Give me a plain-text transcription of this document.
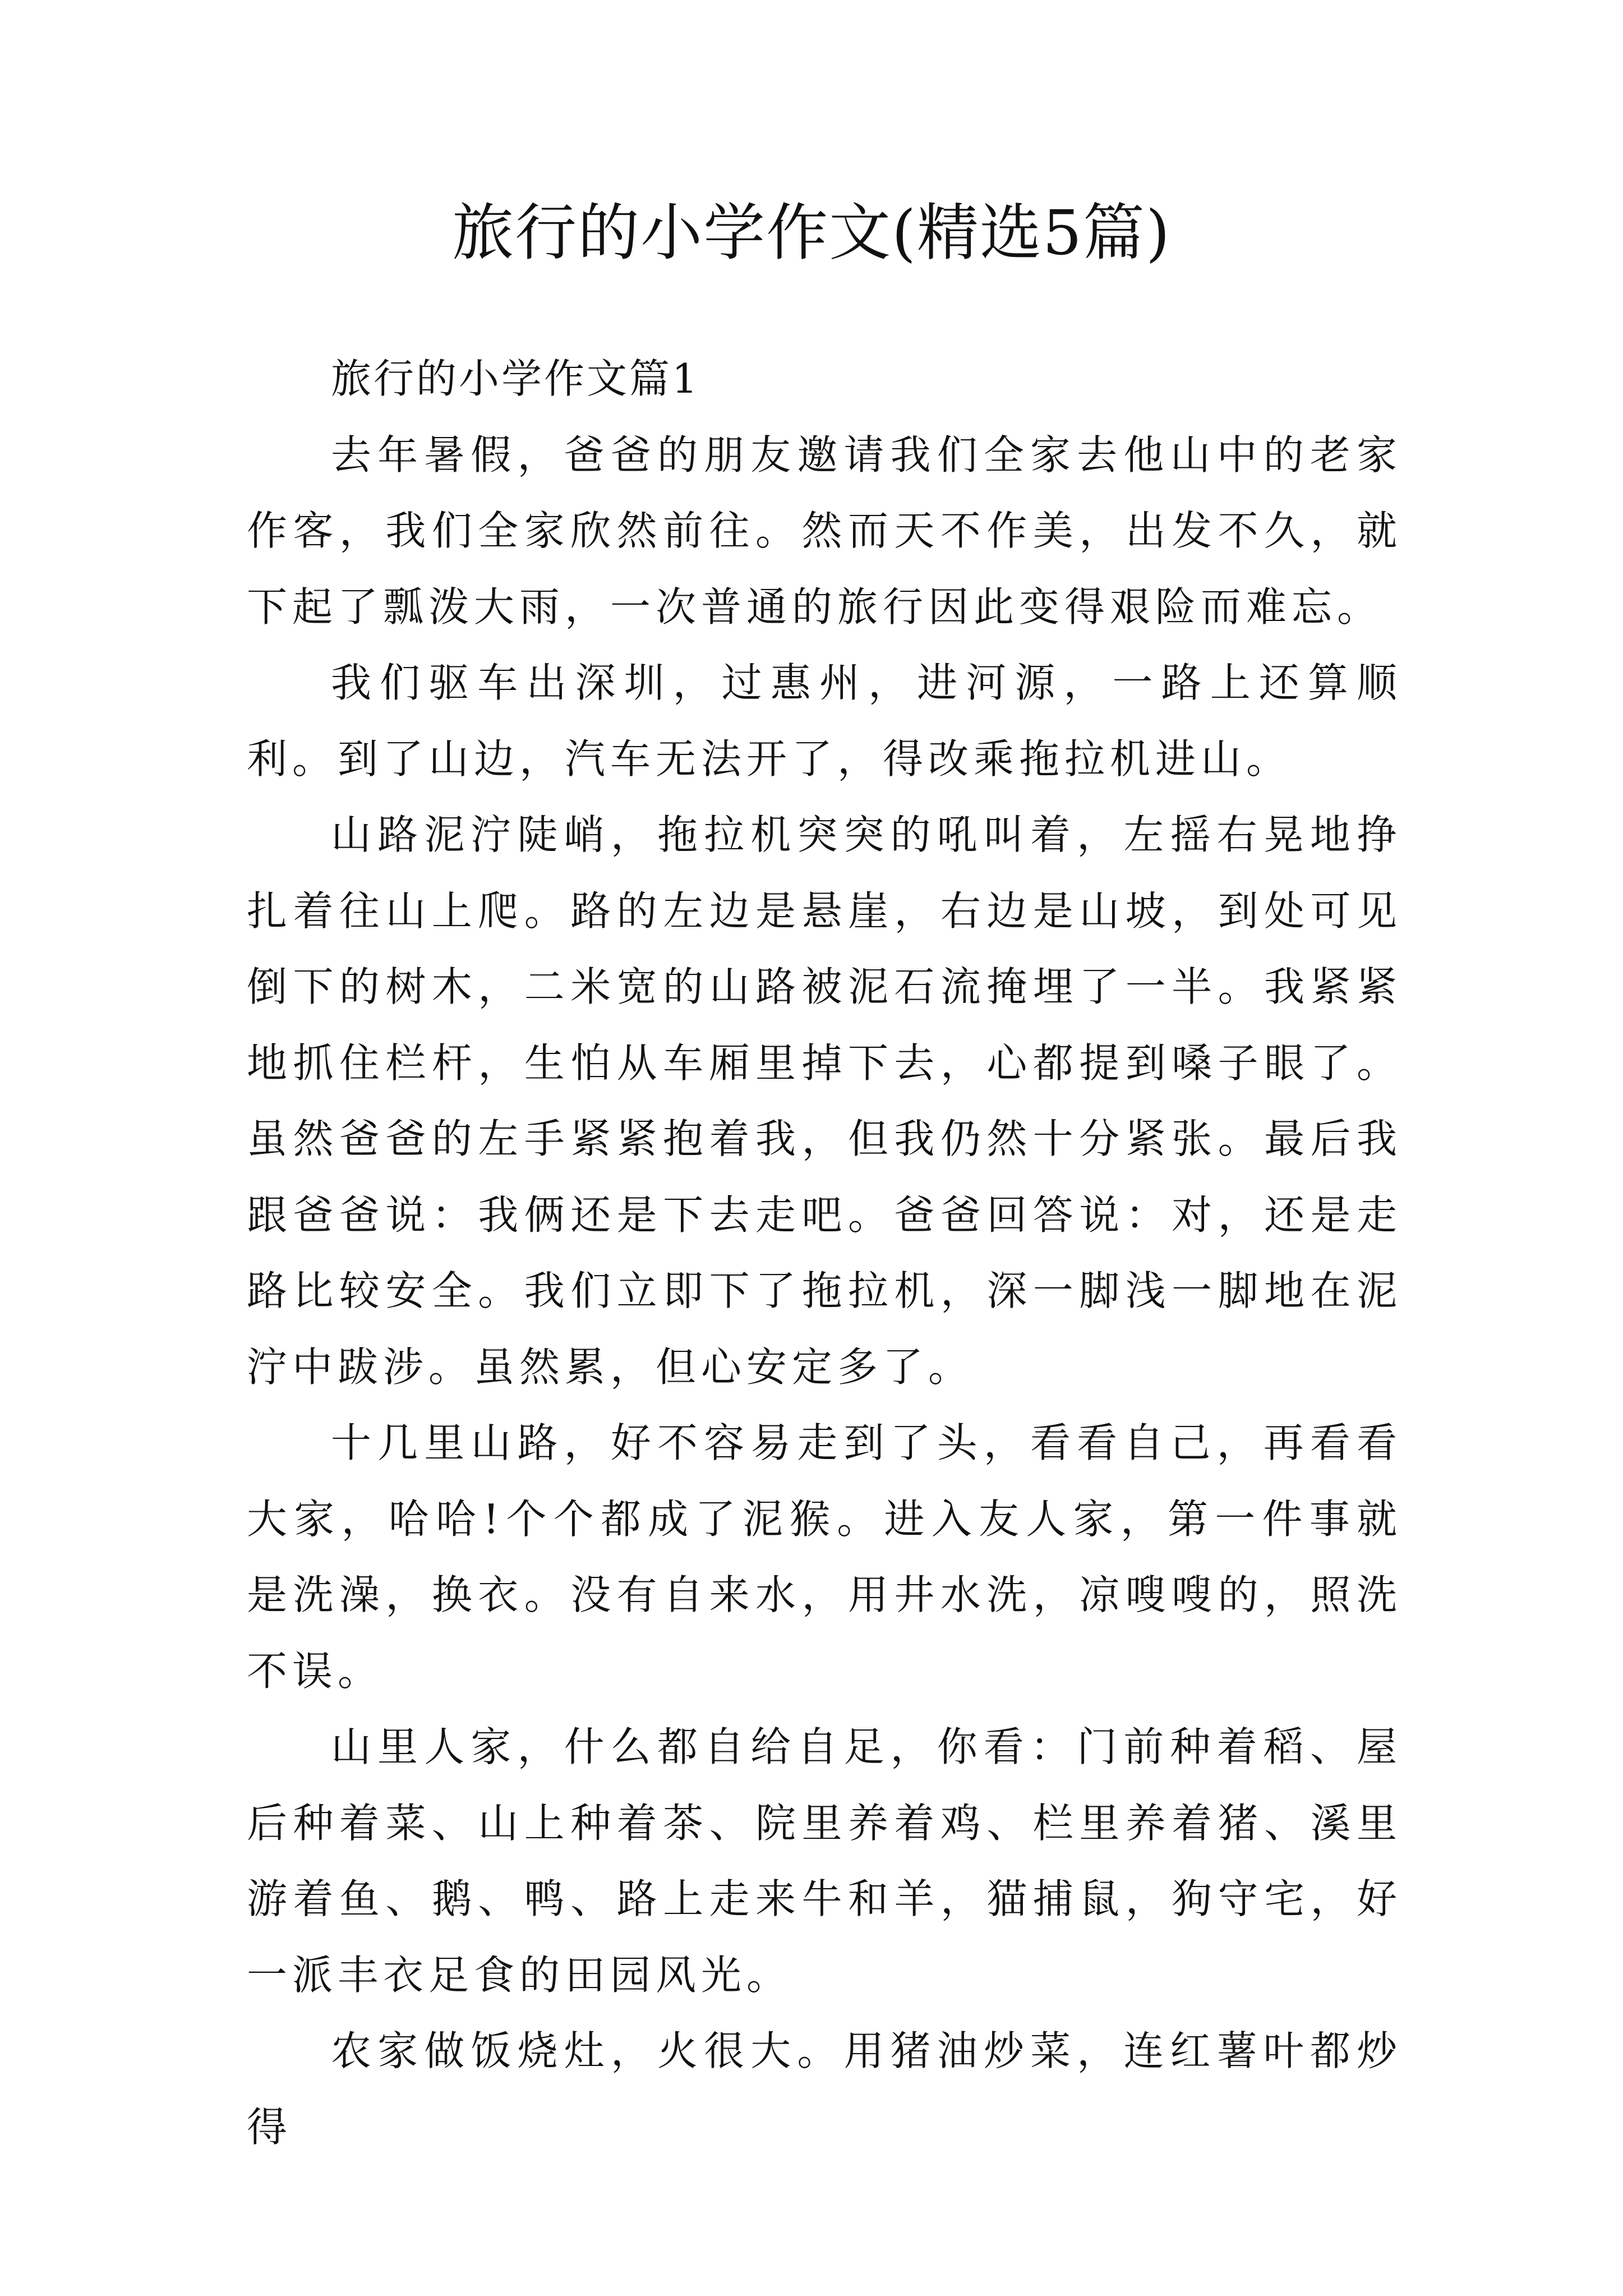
旅行的小学作文(精选5篇)

旅行的小学作文篇1

去年暑假，爸爸的朋友邀请我们全家去他山中的老家作客，我们全家欣然前往。然而天不作美，出发不久，就下起了瓢泼大雨，一次普通的旅行因此变得艰险而难忘。

我们驱车出深圳，过惠州，进河源，一路上还算顺利。到了山边，汽车无法开了，得改乘拖拉机进山。

山路泥泞陡峭，拖拉机突突的吼叫着，左摇右晃地挣扎着往山上爬。路的左边是悬崖，右边是山坡，到处可见倒下的树木，二米宽的山路被泥石流掩埋了一半。我紧紧地抓住栏杆，生怕从车厢里掉下去，心都提到嗓子眼了。虽然爸爸的左手紧紧抱着我，但我仍然十分紧张。最后我跟爸爸说：我俩还是下去走吧。爸爸回答说：对，还是走路比较安全。我们立即下了拖拉机，深一脚浅一脚地在泥泞中跋涉。虽然累，但心安定多了。

十几里山路，好不容易走到了头，看看自己，再看看大家，哈哈!个个都成了泥猴。进入友人家，第一件事就是洗澡，换衣。没有自来水，用井水洗，凉嗖嗖的，照洗不误。

山里人家，什么都自给自足，你看：门前种着稻、屋后种着菜、山上种着茶、院里养着鸡、栏里养着猪、溪里游着鱼、鹅、鸭、路上走来牛和羊，猫捕鼠，狗守宅，好一派丰衣足食的田园风光。

农家做饭烧灶，火很大。用猪油炒菜，连红薯叶都炒得
